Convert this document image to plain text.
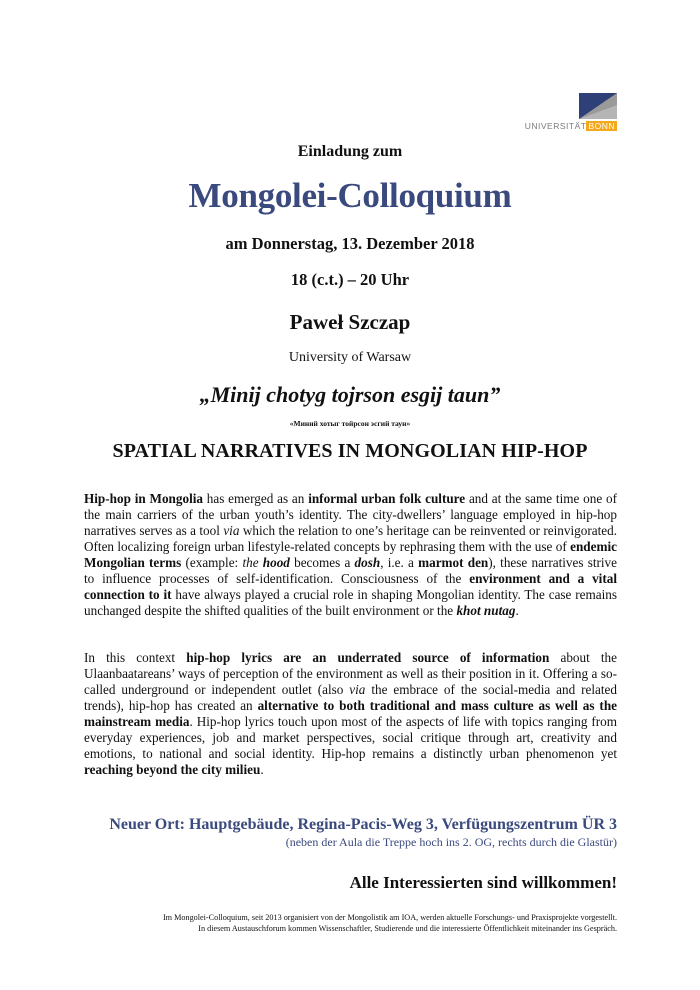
UNIVERSITÄT BONN
Einladung zum
Mongolei-Colloquium
am Donnerstag, 13. Dezember 2018
18 (c.t.) – 20 Uhr
Paweł Szczap
University of Warsaw
„Minij chotyg tojrson esgij taun”
«Миний хотыг тойрсон эсгий таун»
SPATIAL NARRATIVES IN MONGOLIAN HIP-HOP
Hip-hop in Mongolia has emerged as an informal urban folk culture and at the same time one of the main carriers of the urban youth’s identity. The city-dwellers’ language employed in hip-hop narratives serves as a tool via which the relation to one’s heritage can be reinvented or reinvigorated. Often localizing foreign urban lifestyle-related concepts by rephrasing them with the use of endemic Mongolian terms (example: the hood becomes a dosh, i.e. a marmot den), these narratives strive to influence processes of self-identification. Consciousness of the environment and a vital connection to it have always played a crucial role in shaping Mongolian identity. The case remains unchanged despite the shifted qualities of the built environment or the khot nutag.
In this context hip-hop lyrics are an underrated source of information about the Ulaanbaatareans’ ways of perception of the environment as well as their position in it. Offering a so-called underground or independent outlet (also via the embrace of the social-media and related trends), hip-hop has created an alternative to both traditional and mass culture as well as the mainstream media. Hip-hop lyrics touch upon most of the aspects of life with topics ranging from everyday experiences, job and market perspectives, social critique through art, creativity and emotions, to national and social identity. Hip-hop remains a distinctly urban phenomenon yet reaching beyond the city milieu.
Neuer Ort: Hauptgebäude, Regina-Pacis-Weg 3, Verfügungszentrum ÜR 3
(neben der Aula die Treppe hoch ins 2. OG, rechts durch die Glastür)
Alle Interessierten sind willkommen!
Im Mongolei-Colloquium, seit 2013 organisiert von der Mongolistik am IOA, werden aktuelle Forschungs- und Praxisprojekte vorgestellt.
In diesem Austauschforum kommen Wissenschaftler, Studierende und die interessierte Öffentlichkeit miteinander ins Gespräch.
